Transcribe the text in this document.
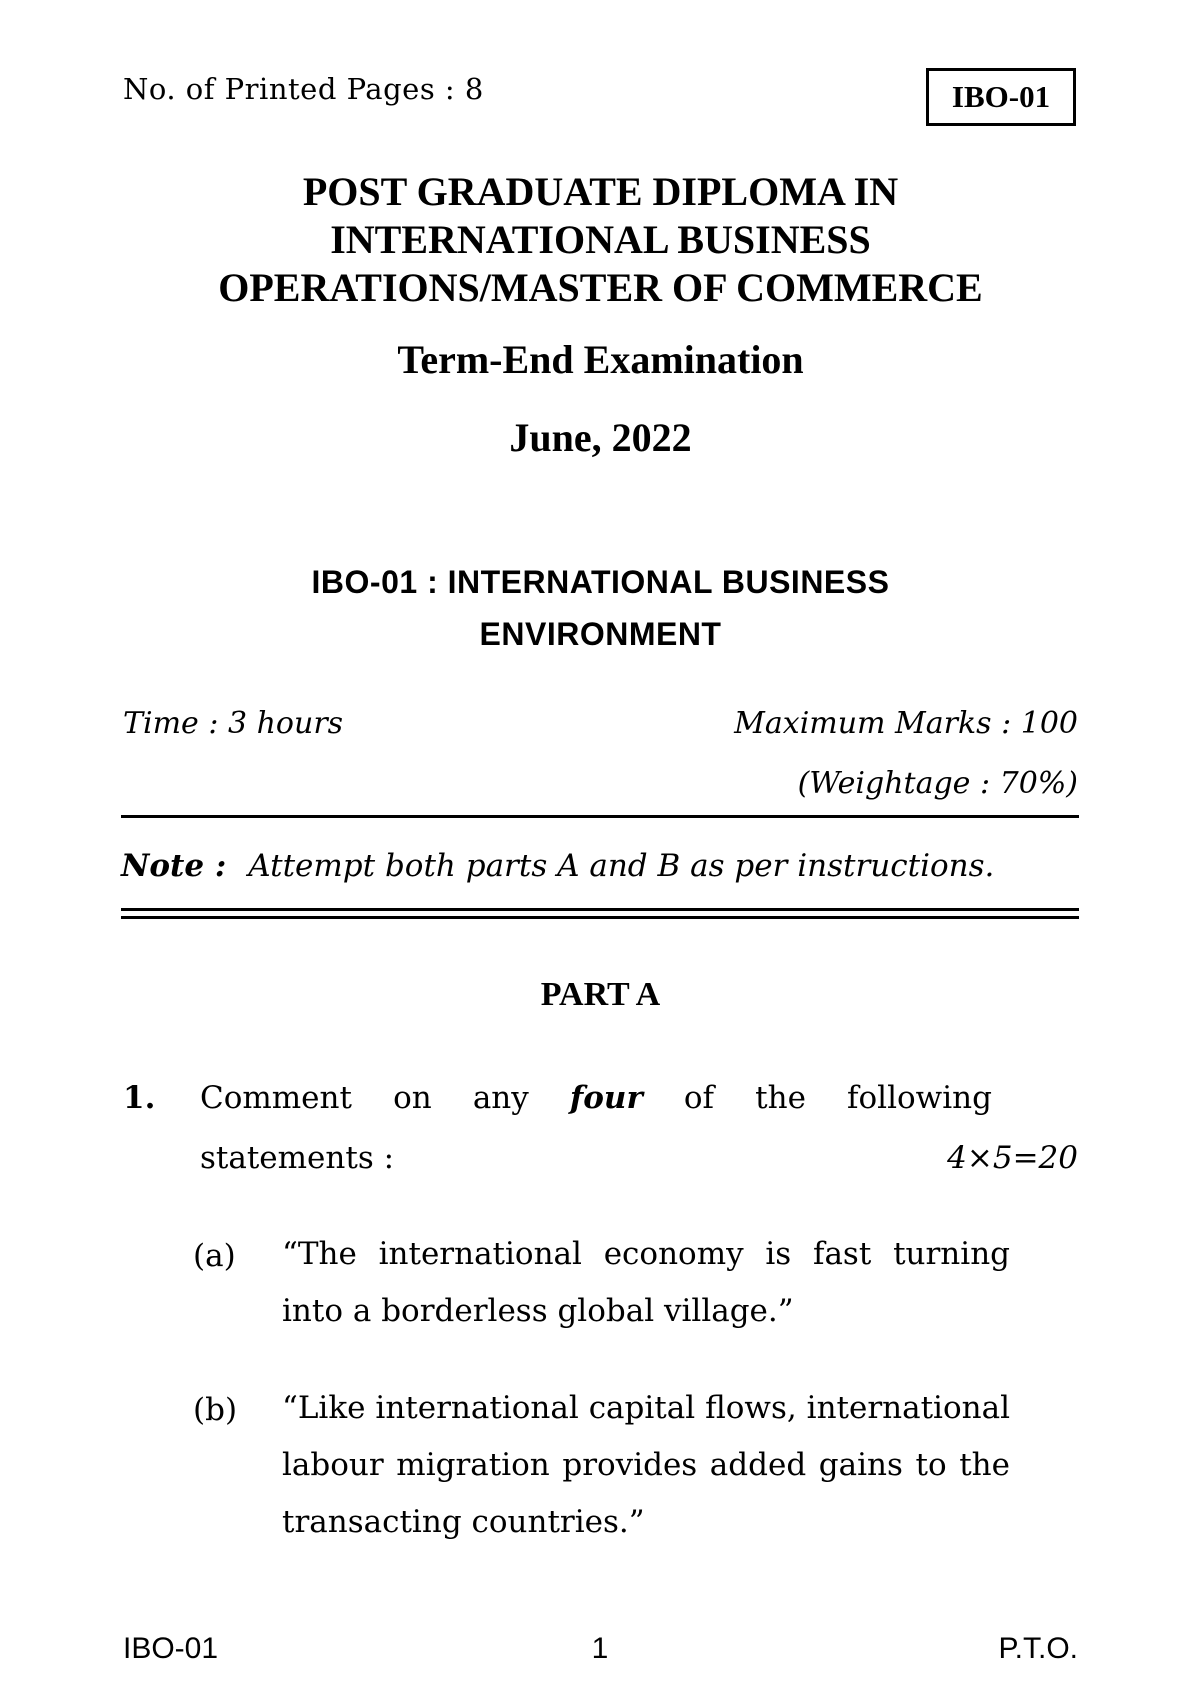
No. of Printed Pages : 8	IBO-01
POST GRADUATE DIPLOMA IN
INTERNATIONAL BUSINESS
OPERATIONS/MASTER OF COMMERCE
Term-End Examination
June, 2022
IBO-01 : INTERNATIONAL BUSINESS
ENVIRONMENT
Time : 3 hours	Maximum Marks : 100
(Weightage : 70%)
Note : Attempt both parts A and B as per instructions.
PART A
1. Comment on any four of the following
statements :	4×5=20
(a) “The international economy is fast turning into a borderless global village.”
(b) “Like international capital flows, international labour migration provides added gains to the transacting countries.”
IBO-01	1	P.T.O.
